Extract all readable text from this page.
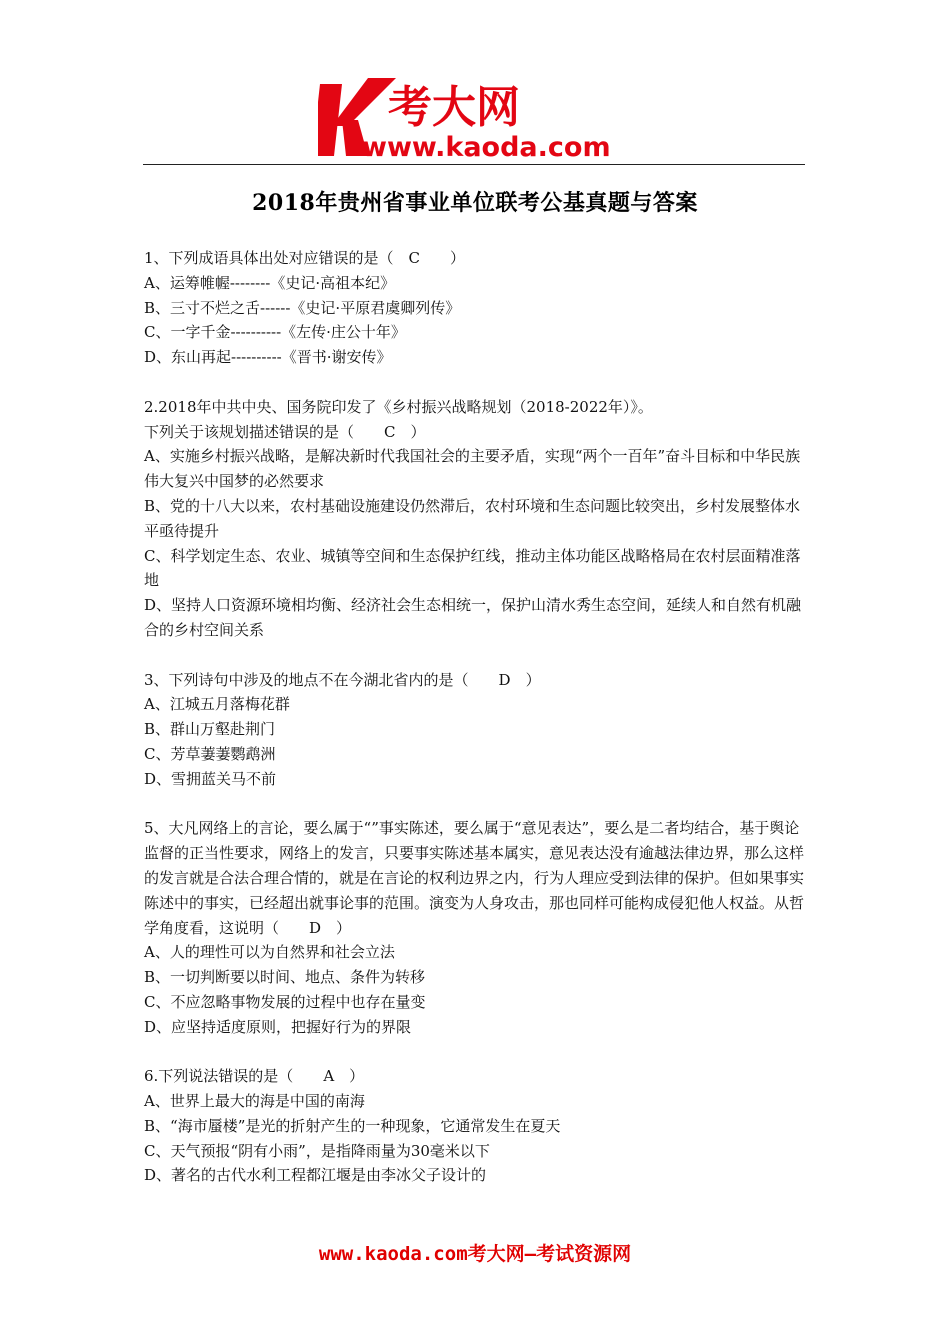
考大网
www.kaoda.com
2018年贵州省事业单位联考公基真题与答案

1、下列成语具体出处对应错误的是（　C　　）

A、运筹帷幄--------《史记·高祖本纪》

B、三寸不烂之舌------《史记·平原君虞卿列传》

C、一字千金----------《左传·庄公十年》

D、东山再起----------《晋书·谢安传》

2.2018年中共中央、国务院印发了《乡村振兴战略规划（2018-2022年）》。

下列关于该规划描述错误的是（　　C　）

A、实施乡村振兴战略，是解决新时代我国社会的主要矛盾，实现“两个一百年”奋斗目标和中华民族伟大复兴中国梦的必然要求

B、党的十八大以来，农村基础设施建设仍然滞后，农村环境和生态问题比较突出，乡村发展整体水平亟待提升

C、科学划定生态、农业、城镇等空间和生态保护红线，推动主体功能区战略格局在农村层面精准落地

D、坚持人口资源环境相均衡、经济社会生态相统一，保护山清水秀生态空间，延续人和自然有机融合的乡村空间关系

3、下列诗句中涉及的地点不在今湖北省内的是（　　D　）

A、江城五月落梅花群

B、群山万壑赴荆门

C、芳草萋萋鹦鹉洲

D、雪拥蓝关马不前

5、大凡网络上的言论，要么属于“”事实陈述，要么属于“意见表达”，要么是二者均结合，基于舆论监督的正当性要求，网络上的发言，只要事实陈述基本属实，意见表达没有逾越法律边界，那么这样的发言就是合法合理合情的，就是在言论的权利边界之内，行为人理应受到法律的保护。但如果事实陈述中的事实，已经超出就事论事的范围。演变为人身攻击，那也同样可能构成侵犯他人权益。从哲学角度看，这说明（　　D　）

A、人的理性可以为自然界和社会立法

B、一切判断要以时间、地点、条件为转移

C、不应忽略事物发展的过程中也存在量变

D、应坚持适度原则，把握好行为的界限

6.下列说法错误的是（　　A　）

A、世界上最大的海是中国的南海

B、“海市蜃楼”是光的折射产生的一种现象，它通常发生在夏天

C、天气预报“阴有小雨”，是指降雨量为30毫米以下

D、著名的古代水利工程都江堰是由李冰父子设计的

www.kaoda.com考大网—考试资源网
